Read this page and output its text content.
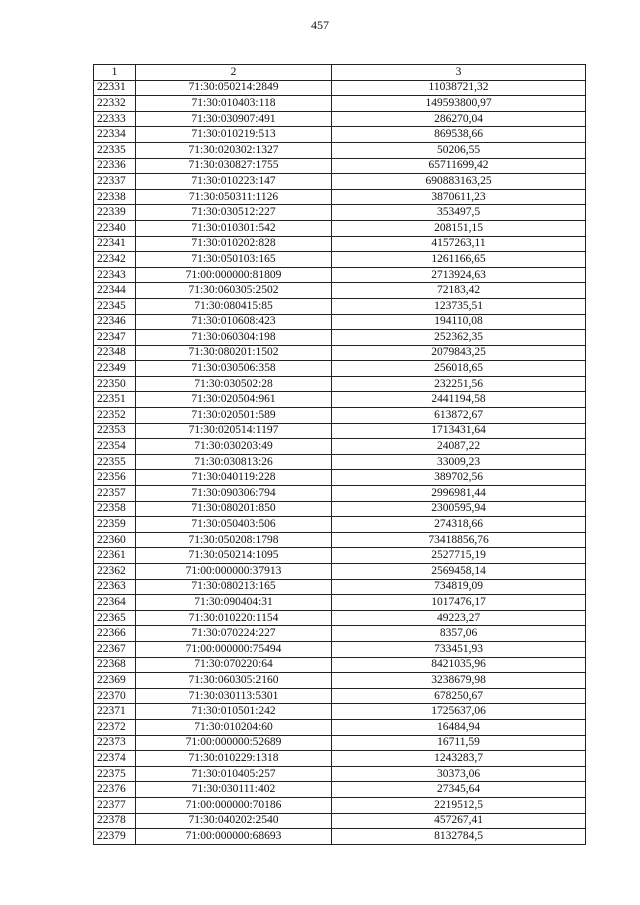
457
1	2	3
22331	71:30:050214:2849	11038721,32
22332	71:30:010403:118	149593800,97
22333	71:30:030907:491	286270,04
22334	71:30:010219:513	869538,66
22335	71:30:020302:1327	50206,55
22336	71:30:030827:1755	65711699,42
22337	71:30:010223:147	690883163,25
22338	71:30:050311:1126	3870611,23
22339	71:30:030512:227	353497,5
22340	71:30:010301:542	208151,15
22341	71:30:010202:828	4157263,11
22342	71:30:050103:165	1261166,65
22343	71:00:000000:81809	2713924,63
22344	71:30:060305:2502	72183,42
22345	71:30:080415:85	123735,51
22346	71:30:010608:423	194110,08
22347	71:30:060304:198	252362,35
22348	71:30:080201:1502	2079843,25
22349	71:30:030506:358	256018,65
22350	71:30:030502:28	232251,56
22351	71:30:020504:961	2441194,58
22352	71:30:020501:589	613872,67
22353	71:30:020514:1197	1713431,64
22354	71:30:030203:49	24087,22
22355	71:30:030813:26	33009,23
22356	71:30:040119:228	389702,56
22357	71:30:090306:794	2996981,44
22358	71:30:080201:850	2300595,94
22359	71:30:050403:506	274318,66
22360	71:30:050208:1798	73418856,76
22361	71:30:050214:1095	2527715,19
22362	71:00:000000:37913	2569458,14
22363	71:30:080213:165	734819,09
22364	71:30:090404:31	1017476,17
22365	71:30:010220:1154	49223,27
22366	71:30:070224:227	8357,06
22367	71:00:000000:75494	733451,93
22368	71:30:070220:64	8421035,96
22369	71:30:060305:2160	3238679,98
22370	71:30:030113:5301	678250,67
22371	71:30:010501:242	1725637,06
22372	71:30:010204:60	16484,94
22373	71:00:000000:52689	16711,59
22374	71:30:010229:1318	1243283,7
22375	71:30:010405:257	30373,06
22376	71:30:030111:402	27345,64
22377	71:00:000000:70186	2219512,5
22378	71:30:040202:2540	457267,41
22379	71:00:000000:68693	8132784,5
